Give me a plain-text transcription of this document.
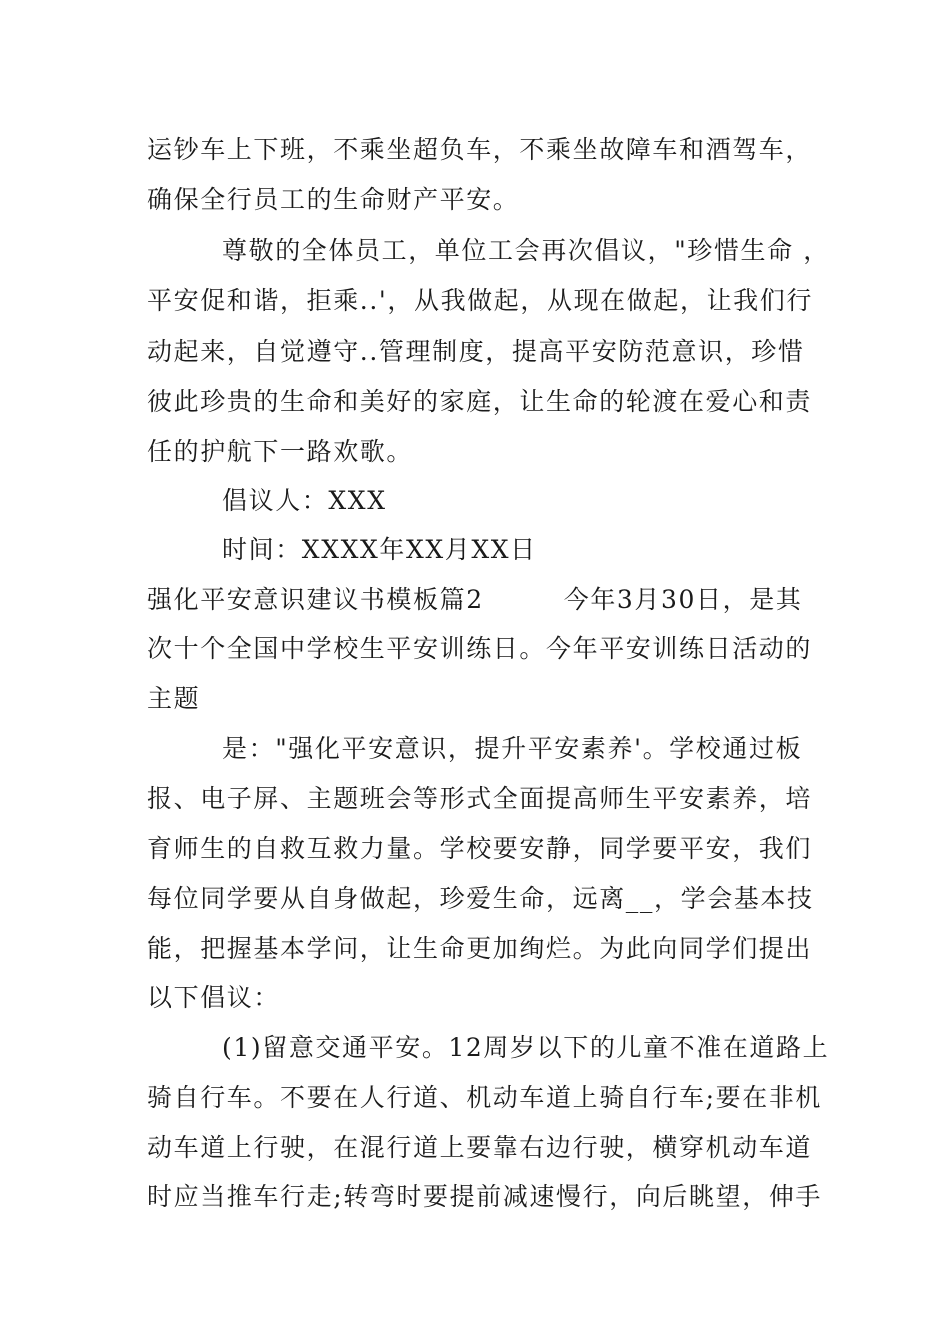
运钞车上下班，不乘坐超负车，不乘坐故障车和酒驾车，
确保全行员工的生命财产平安。
尊敬的全体员工，单位工会再次倡议，"珍惜生命 ，
平安促和谐，拒乘..'，从我做起，从现在做起，让我们行
动起来，自觉遵守..管理制度，提高平安防范意识，珍惜
彼此珍贵的生命和美好的家庭，让生命的轮渡在爱心和责
任的护航下一路欢歌。
倡议人：XXX
时间：XXXX年XX月XX日
强化平安意识建议书模板篇2	今年3月30日，是其
次十个全国中学校生平安训练日。今年平安训练日活动的
主题
是："强化平安意识，提升平安素养'。学校通过板
报、电子屏、主题班会等形式全面提高师生平安素养，培
育师生的自救互救力量。学校要安静，同学要平安，我们
每位同学要从自身做起，珍爱生命，远离__，学会基本技
能，把握基本学问，让生命更加绚烂。为此向同学们提出
以下倡议：
(1)留意交通平安。12周岁以下的儿童不准在道路上
骑自行车。不要在人行道、机动车道上骑自行车;要在非机
动车道上行驶，在混行道上要靠右边行驶，横穿机动车道
时应当推车行走;转弯时要提前减速慢行，向后眺望，伸手
